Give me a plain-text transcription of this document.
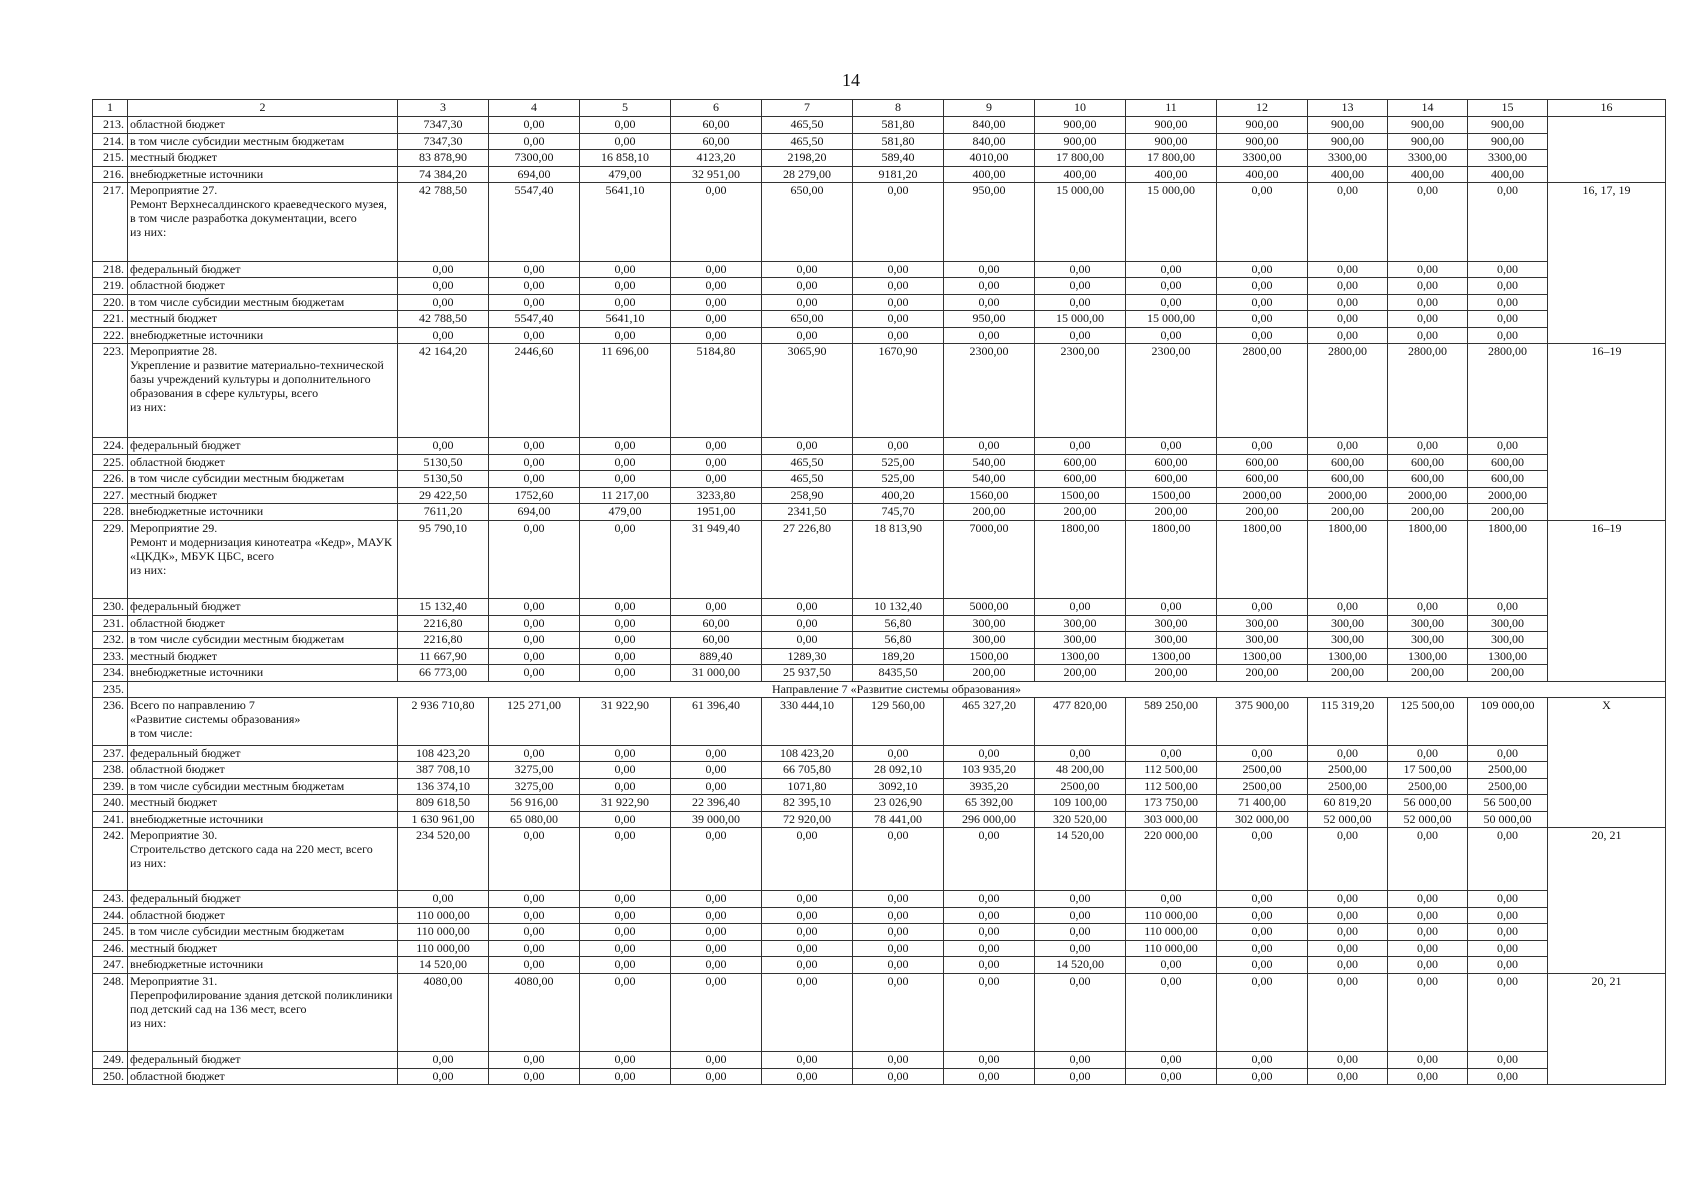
14
1	2	3	4	5	6	7	8	9	10	11	12	13	14	15	16
213.	областной бюджет	7347,30	0,00	0,00	60,00	465,50	581,80	840,00	900,00	900,00	900,00	900,00	900,00	900,00	
214.	в том числе субсидии местным бюджетам	7347,30	0,00	0,00	60,00	465,50	581,80	840,00	900,00	900,00	900,00	900,00	900,00	900,00	
215.	местный бюджет	83 878,90	7300,00	16 858,10	4123,20	2198,20	589,40	4010,00	17 800,00	17 800,00	3300,00	3300,00	3300,00	3300,00	
216.	внебюджетные источники	74 384,20	694,00	479,00	32 951,00	28 279,00	9181,20	400,00	400,00	400,00	400,00	400,00	400,00	400,00	
217.	Мероприятие 27.
Ремонт Верхнесалдинского краеведческого музея, в том числе разработка документации, всего
из них:	42 788,50	5547,40	5641,10	0,00	650,00	0,00	950,00	15 000,00	15 000,00	0,00	0,00	0,00	0,00	16, 17, 19
218.	федеральный бюджет	0,00	0,00	0,00	0,00	0,00	0,00	0,00	0,00	0,00	0,00	0,00	0,00	0,00	
219.	областной бюджет	0,00	0,00	0,00	0,00	0,00	0,00	0,00	0,00	0,00	0,00	0,00	0,00	0,00	
220.	в том числе субсидии местным бюджетам	0,00	0,00	0,00	0,00	0,00	0,00	0,00	0,00	0,00	0,00	0,00	0,00	0,00	
221.	местный бюджет	42 788,50	5547,40	5641,10	0,00	650,00	0,00	950,00	15 000,00	15 000,00	0,00	0,00	0,00	0,00	
222.	внебюджетные источники	0,00	0,00	0,00	0,00	0,00	0,00	0,00	0,00	0,00	0,00	0,00	0,00	0,00	
223.	Мероприятие 28.
Укрепление и развитие материально-технической базы учреждений культуры и дополнительного образования в сфере культуры, всего
из них:	42 164,20	2446,60	11 696,00	5184,80	3065,90	1670,90	2300,00	2300,00	2300,00	2800,00	2800,00	2800,00	2800,00	16–19
224.	федеральный бюджет	0,00	0,00	0,00	0,00	0,00	0,00	0,00	0,00	0,00	0,00	0,00	0,00	0,00	
225.	областной бюджет	5130,50	0,00	0,00	0,00	465,50	525,00	540,00	600,00	600,00	600,00	600,00	600,00	600,00	
226.	в том числе субсидии местным бюджетам	5130,50	0,00	0,00	0,00	465,50	525,00	540,00	600,00	600,00	600,00	600,00	600,00	600,00	
227.	местный бюджет	29 422,50	1752,60	11 217,00	3233,80	258,90	400,20	1560,00	1500,00	1500,00	2000,00	2000,00	2000,00	2000,00	
228.	внебюджетные источники	7611,20	694,00	479,00	1951,00	2341,50	745,70	200,00	200,00	200,00	200,00	200,00	200,00	200,00	
229.	Мероприятие 29.
Ремонт и модернизация кинотеатра «Кедр», МАУК «ЦКДК», МБУК ЦБС, всего
из них:	95 790,10	0,00	0,00	31 949,40	27 226,80	18 813,90	7000,00	1800,00	1800,00	1800,00	1800,00	1800,00	1800,00	16–19
230.	федеральный бюджет	15 132,40	0,00	0,00	0,00	0,00	10 132,40	5000,00	0,00	0,00	0,00	0,00	0,00	0,00	
231.	областной бюджет	2216,80	0,00	0,00	60,00	0,00	56,80	300,00	300,00	300,00	300,00	300,00	300,00	300,00	
232.	в том числе субсидии местным бюджетам	2216,80	0,00	0,00	60,00	0,00	56,80	300,00	300,00	300,00	300,00	300,00	300,00	300,00	
233.	местный бюджет	11 667,90	0,00	0,00	889,40	1289,30	189,20	1500,00	1300,00	1300,00	1300,00	1300,00	1300,00	1300,00	
234.	внебюджетные источники	66 773,00	0,00	0,00	31 000,00	25 937,50	8435,50	200,00	200,00	200,00	200,00	200,00	200,00	200,00	
235.	Направление 7 «Развитие системы образования»														
236.	Всего по направлению 7
«Развитие системы образования»
в том числе:	2 936 710,80	125 271,00	31 922,90	61 396,40	330 444,10	129 560,00	465 327,20	477 820,00	589 250,00	375 900,00	115 319,20	125 500,00	109 000,00	Х
237.	федеральный бюджет	108 423,20	0,00	0,00	0,00	108 423,20	0,00	0,00	0,00	0,00	0,00	0,00	0,00	0,00	
238.	областной бюджет	387 708,10	3275,00	0,00	0,00	66 705,80	28 092,10	103 935,20	48 200,00	112 500,00	2500,00	2500,00	17 500,00	2500,00	
239.	в том числе субсидии местным бюджетам	136 374,10	3275,00	0,00	0,00	1071,80	3092,10	3935,20	2500,00	112 500,00	2500,00	2500,00	2500,00	2500,00	
240.	местный бюджет	809 618,50	56 916,00	31 922,90	22 396,40	82 395,10	23 026,90	65 392,00	109 100,00	173 750,00	71 400,00	60 819,20	56 000,00	56 500,00	
241.	внебюджетные источники	1 630 961,00	65 080,00	0,00	39 000,00	72 920,00	78 441,00	296 000,00	320 520,00	303 000,00	302 000,00	52 000,00	52 000,00	50 000,00	
242.	Мероприятие 30.
Строительство детского сада на 220 мест, всего
из них:	234 520,00	0,00	0,00	0,00	0,00	0,00	0,00	14 520,00	220 000,00	0,00	0,00	0,00	0,00	20, 21
243.	федеральный бюджет	0,00	0,00	0,00	0,00	0,00	0,00	0,00	0,00	0,00	0,00	0,00	0,00	0,00	
244.	областной бюджет	110 000,00	0,00	0,00	0,00	0,00	0,00	0,00	0,00	110 000,00	0,00	0,00	0,00	0,00	
245.	в том числе субсидии местным бюджетам	110 000,00	0,00	0,00	0,00	0,00	0,00	0,00	0,00	110 000,00	0,00	0,00	0,00	0,00	
246.	местный бюджет	110 000,00	0,00	0,00	0,00	0,00	0,00	0,00	0,00	110 000,00	0,00	0,00	0,00	0,00	
247.	внебюджетные источники	14 520,00	0,00	0,00	0,00	0,00	0,00	0,00	14 520,00	0,00	0,00	0,00	0,00	0,00	
248.	Мероприятие 31.
Перепрофилирование здания детской поликлиники под детский сад на 136 мест, всего
из них:	4080,00	4080,00	0,00	0,00	0,00	0,00	0,00	0,00	0,00	0,00	0,00	0,00	0,00	20, 21
249.	федеральный бюджет	0,00	0,00	0,00	0,00	0,00	0,00	0,00	0,00	0,00	0,00	0,00	0,00	0,00	
250.	областной бюджет	0,00	0,00	0,00	0,00	0,00	0,00	0,00	0,00	0,00	0,00	0,00	0,00	0,00	
